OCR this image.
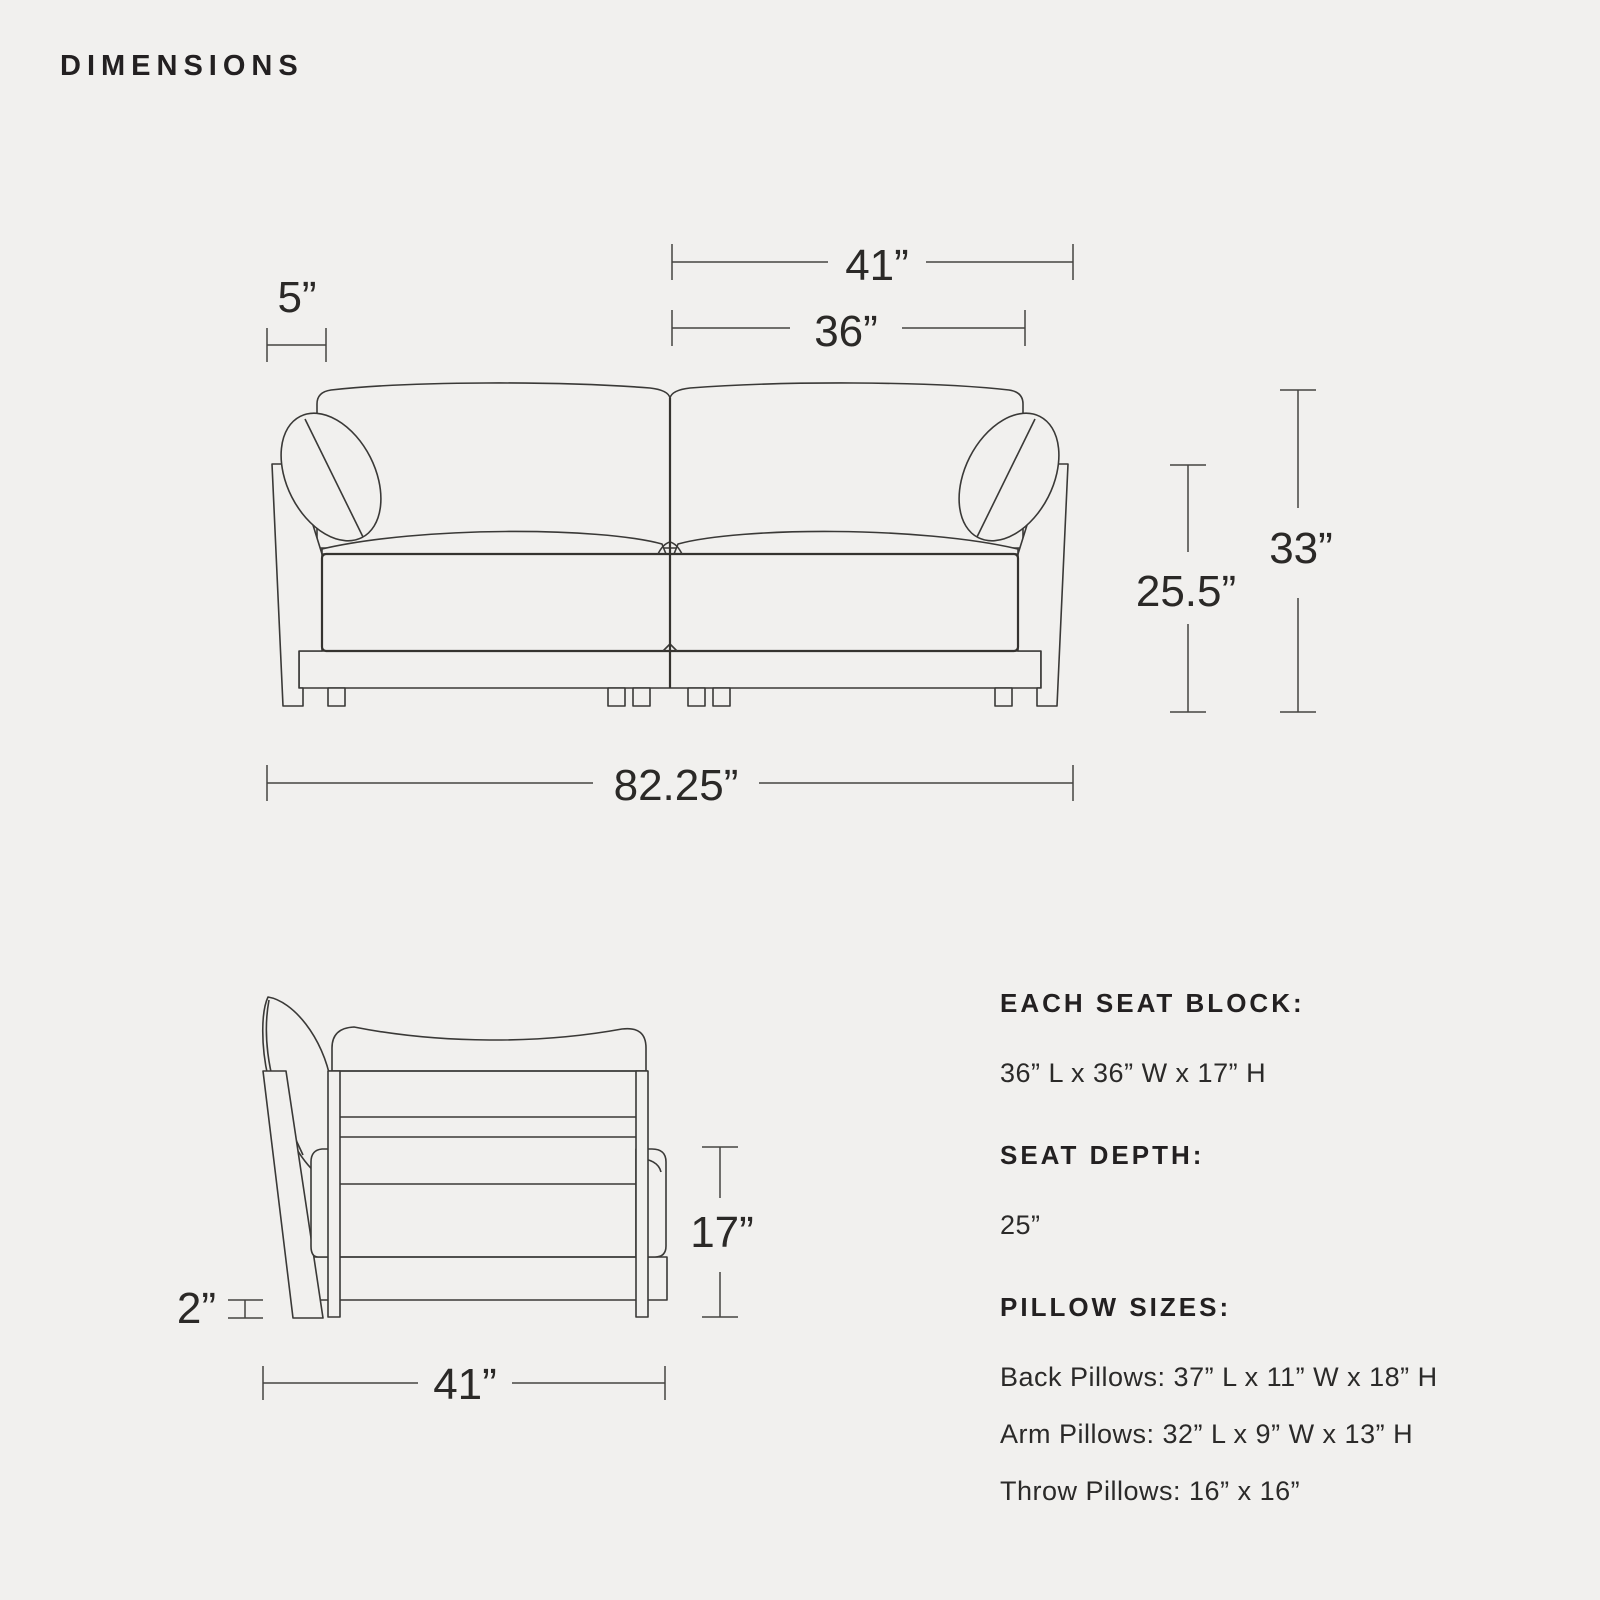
DIMENSIONS
41”
36”
5”
33”
25.5”
82.25”
17”
2”
41”

EACH SEAT BLOCK:

36” L x 36” W x 17” H

SEAT DEPTH:

25”

PILLOW SIZES:

Back Pillows: 37” L x 11” W x 18” H

Arm Pillows: 32” L x 9” W x 13” H

Throw Pillows: 16” x 16”
